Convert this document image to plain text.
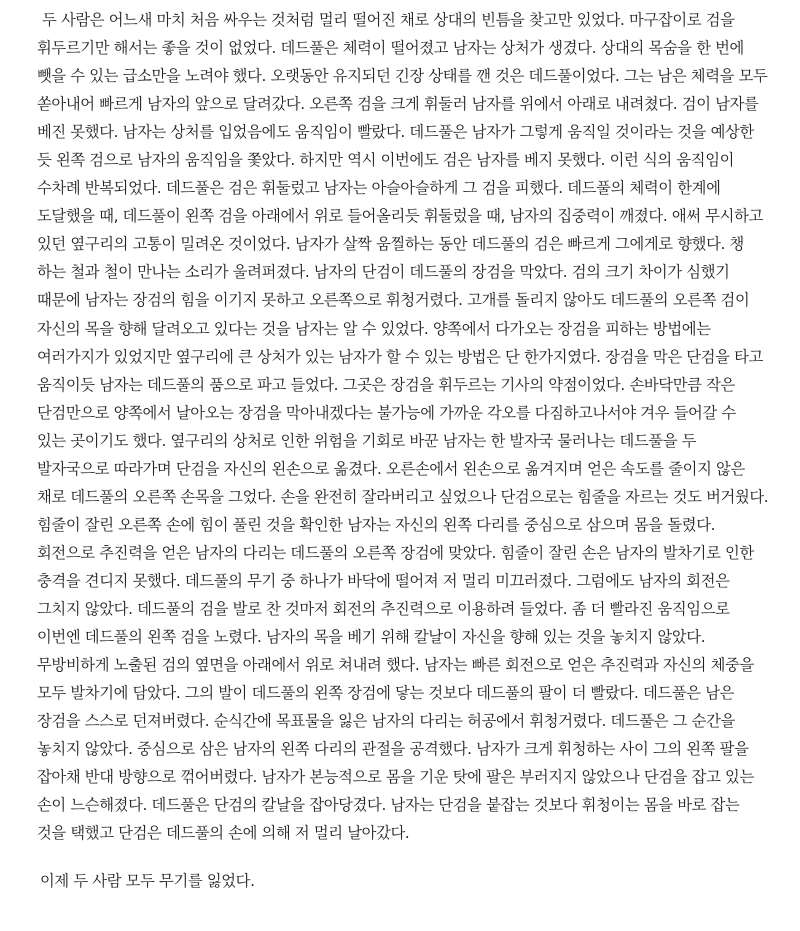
두 사람은 어느새 마치 처음 싸우는 것처럼 멀리 떨어진 채로 상대의 빈틈을 찾고만 있었다. 마구잡이로 검을 휘두르기만 해서는 좋을 것이 없었다. 데드풀은 체력이 떨어졌고 남자는 상처가 생겼다. 상대의 목숨을 한 번에 뺏을 수 있는 급소만을 노려야 했다. 오랫동안 유지되던 긴장 상태를 깬 것은 데드풀이었다. 그는 남은 체력을 모두 쏟아내어 빠르게 남자의 앞으로 달려갔다. 오른쪽 검을 크게 휘둘러 남자를 위에서 아래로 내려쳤다. 검이 남자를 베진 못했다. 남자는 상처를 입었음에도 움직임이 빨랐다. 데드풀은 남자가 그렇게 움직일 것이라는 것을 예상한 듯 왼쪽 검으로 남자의 움직임을 쫓았다. 하지만 역시 이번에도 검은 남자를 베지 못했다. 이런 식의 움직임이 수차례 반복되었다. 데드풀은 검은 휘둘렀고 남자는 아슬아슬하게 그 검을 피했다. 데드풀의 체력이 한계에 도달했을 때, 데드풀이 왼쪽 검을 아래에서 위로 들어올리듯 휘둘렀을 때, 남자의 집중력이 깨졌다. 애써 무시하고 있던 옆구리의 고통이 밀려온 것이었다. 남자가 살짝 움찔하는 동안 데드풀의 검은 빠르게 그에게로 향했다. 챙 하는 철과 철이 만나는 소리가 울려퍼졌다. 남자의 단검이 데드풀의 장검을 막았다. 검의 크기 차이가 심했기 때문에 남자는 장검의 힘을 이기지 못하고 오른쪽으로 휘청거렸다. 고개를 돌리지 않아도 데드풀의 오른쪽 검이 자신의 목을 향해 달려오고 있다는 것을 남자는 알 수 있었다. 양쪽에서 다가오는 장검을 피하는 방법에는 여러가지가 있었지만 옆구리에 큰 상처가 있는 남자가 할 수 있는 방법은 단 한가지였다. 장검을 막은 단검을 타고 움직이듯 남자는 데드풀의 품으로 파고 들었다. 그곳은 장검을 휘두르는 기사의 약점이었다. 손바닥만큼 작은 단검만으로 양쪽에서 날아오는 장검을 막아내겠다는 불가능에 가까운 각오를 다짐하고나서야 겨우 들어갈 수 있는 곳이기도 했다. 옆구리의 상처로 인한 위험을 기회로 바꾼 남자는 한 발자국 물러나는 데드풀을 두 발자국으로 따라가며 단검을 자신의 왼손으로 옮겼다. 오른손에서 왼손으로 옮겨지며 얻은 속도를 줄이지 않은 채로 데드풀의 오른쪽 손목을 그었다. 손을 완전히 잘라버리고 싶었으나 단검으로는 힘줄을 자르는 것도 버거웠다. 힘줄이 잘린 오른쪽 손에 힘이 풀린 것을 확인한 남자는 자신의 왼쪽 다리를 중심으로 삼으며 몸을 돌렸다. 회전으로 추진력을 얻은 남자의 다리는 데드풀의 오른쪽 장검에 맞았다. 힘줄이 잘린 손은 남자의 발차기로 인한 충격을 견디지 못했다. 데드풀의 무기 중 하나가 바닥에 떨어져 저 멀리 미끄러졌다. 그럼에도 남자의 회전은 그치지 않았다. 데드풀의 검을 발로 찬 것마저 회전의 추진력으로 이용하려 들었다. 좀 더 빨라진 움직임으로 이번엔 데드풀의 왼쪽 검을 노렸다. 남자의 목을 베기 위해 칼날이 자신을 향해 있는 것을 놓치지 않았다. 무방비하게 노출된 검의 옆면을 아래에서 위로 쳐내려 했다. 남자는 빠른 회전으로 얻은 추진력과 자신의 체중을 모두 발차기에 담았다. 그의 발이 데드풀의 왼쪽 장검에 닿는 것보다 데드풀의 팔이 더 빨랐다. 데드풀은 남은 장검을 스스로 던져버렸다. 순식간에 목표물을 잃은 남자의 다리는 허공에서 휘청거렸다. 데드풀은 그 순간을 놓치지 않았다. 중심으로 삼은 남자의 왼쪽 다리의 관절을 공격했다. 남자가 크게 휘청하는 사이 그의 왼쪽 팔을 잡아채 반대 방향으로 꺾어버렸다. 남자가 본능적으로 몸을 기운 탓에 팔은 부러지지 않았으나 단검을 잡고 있는 손이 느슨해졌다. 데드풀은 단검의 칼날을 잡아당겼다. 남자는 단검을 붙잡는 것보다 휘청이는 몸을 바로 잡는 것을 택했고 단검은 데드풀의 손에 의해 저 멀리 날아갔다.

이제 두 사람 모두 무기를 잃었다.
